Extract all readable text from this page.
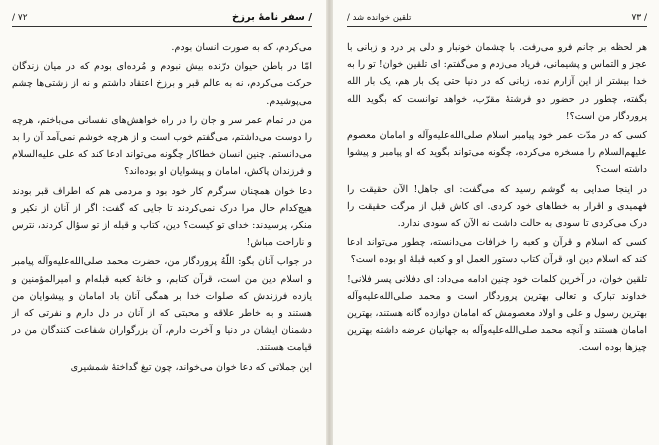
/ سفر نامهٔ برزخ
/ ۷۲

می‌کردم، که به صورت انسان بودم.

امّا در باطن حیوان درّنده بیش نبودم و مُرده‌ای بودم که در میان زندگان حرکت می‌کردم، نه به عالم قبر و برزخ اعتقاد داشتم و نه از زشتی‌ها چشم می‌پوشیدم.

من در تمام عمر سر و جان را در راه خواهش‌های نفسانی می‌باختم، هرچه را دوست می‌داشتم، می‌گفتم خوب است و از هرچه خوشم نمی‌آمد آن را بد می‌دانستم. چنین انسان خطاکار چگونه می‌تواند ادعا کند که علی علیه‌السلام و فرزندان پاکش، امامان و پیشوایان او بوده‌اند؟

دعا خوان همچنان سرگرم کار خود بود و مردمی هم که اطراف قبر بودند هیچ‌کدام حال مرا درک نمی‌کردند تا جایی که گفت: اگر از آنان از نکیر و منکر، پرسیدند: خدای تو کیست؟ دین، کتاب و قبله از تو سؤال کردند، نترس و ناراحت مباش!

در جواب آنان بگو: اللّهُ پروردگار من، حضرت محمد صلی‌الله‌علیه‌وآله پیامبر و اسلام دین من است، قرآن کتابم، و خانهٔ کعبه قبله‌ام و امیرالمؤمنین و یازده فرزندش که صلوات خدا بر همگی آنان باد امامان و پیشوایان من هستند و به خاطر علاقه و محبتی که از آنان در دل دارم و نفرتی که از دشمنان ایشان در دنیا و آخرت دارم، آن بزرگواران شفاعت کنندگان من در قیامت هستند.

این جملاتی که دعا خوان می‌خواند، چون تیغ گداختهٔ شمشیری

۷۳ /
تلقین خوانده شد /

هر لحظه بر جانم فرو می‌رفت. با چشمان خونبار و دلی پر درد و زبانی با عجز و التماس و پشیمانی، فریاد می‌زدم و می‌گفتم: ای تلقین خوان! تو را به خدا بیشتر از این آزارم نده، زبانی که در دنیا حتی یک بار هم، یک بار الله بگفته، چطور در حضور دو فرشتهٔ مقرّب، خواهد توانست که بگوید الله پروردگار من است؟!

کسی که در مدّت عمر خود پیامبر اسلام صلی‌الله‌علیه‌وآله و امامان معصوم علیهم‌السلام را مسخره می‌کرده، چگونه می‌تواند بگوید که او پیامبر و پیشوا داشته است؟

در اینجا صدایی به گوشم رسید که می‌گفت: ای جاهل! الآن حقیقت را فهمیدی و اقرار به خطاهای خود کردی. ای کاش قبل از مرگت حقیقت را درک می‌کردی تا سودی به حالت داشت نه الآن که سودی ندارد.

کسی که اسلام و قرآن و کعبه را خرافات می‌دانسته، چطور می‌تواند ادعا کند که اسلام دین او، قرآن کتاب دستور العمل او و کعبه قبلهٔ او بوده است؟

تلقین خوان، در آخرین کلمات خود چنین ادامه می‌داد: ای دفلانی پسر فلانی! خداوند تبارک و تعالی بهترین پروردگار است و محمد صلی‌الله‌علیه‌وآله بهترین رسول و علی و اولاد معصومش که امامان دوازده گانه هستند، بهترین امامان هستند و آنچه محمد صلی‌الله‌علیه‌وآله به جهانیان عرضه داشته بهترین چیزها بوده است.
